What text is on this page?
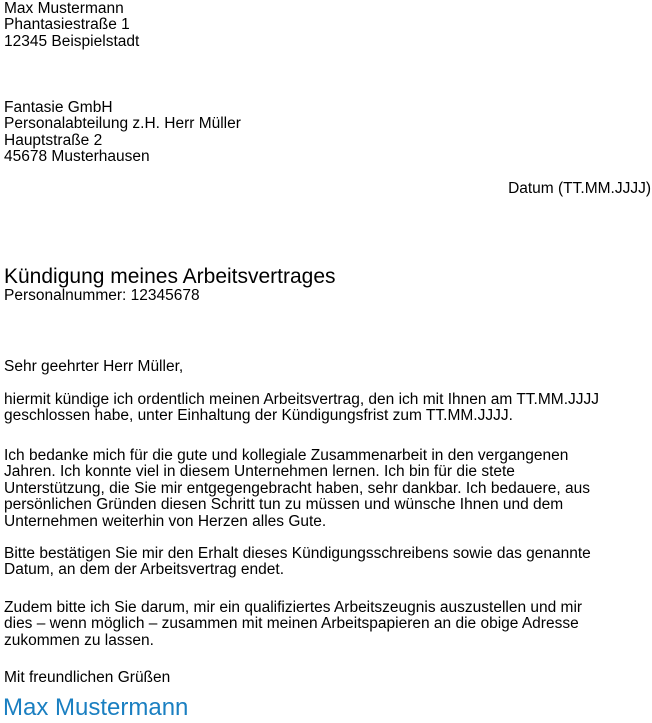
Max Mustermann
Phantasiestraße 1
12345 Beispielstadt
Fantasie GmbH
Personalabteilung z.H. Herr Müller
Hauptstraße 2
45678 Musterhausen
Datum (TT.MM.JJJJ)
Kündigung meines Arbeitsvertrages
Personalnummer: 12345678
Sehr geehrter Herr Müller,
hiermit kündige ich ordentlich meinen Arbeitsvertrag, den ich mit Ihnen am TT.MM.JJJJ
geschlossen habe, unter Einhaltung der Kündigungsfrist zum TT.MM.JJJJ.
Ich bedanke mich für die gute und kollegiale Zusammenarbeit in den vergangenen
Jahren. Ich konnte viel in diesem Unternehmen lernen. Ich bin für die stete
Unterstützung, die Sie mir entgegengebracht haben, sehr dankbar. Ich bedauere, aus
persönlichen Gründen diesen Schritt tun zu müssen und wünsche Ihnen und dem
Unternehmen weiterhin von Herzen alles Gute.
Bitte bestätigen Sie mir den Erhalt dieses Kündigungsschreibens sowie das genannte
Datum, an dem der Arbeitsvertrag endet.
Zudem bitte ich Sie darum, mir ein qualifiziertes Arbeitszeugnis auszustellen und mir
dies – wenn möglich – zusammen mit meinen Arbeitspapieren an die obige Adresse
zukommen zu lassen.
Mit freundlichen Grüßen
Max Mustermann
